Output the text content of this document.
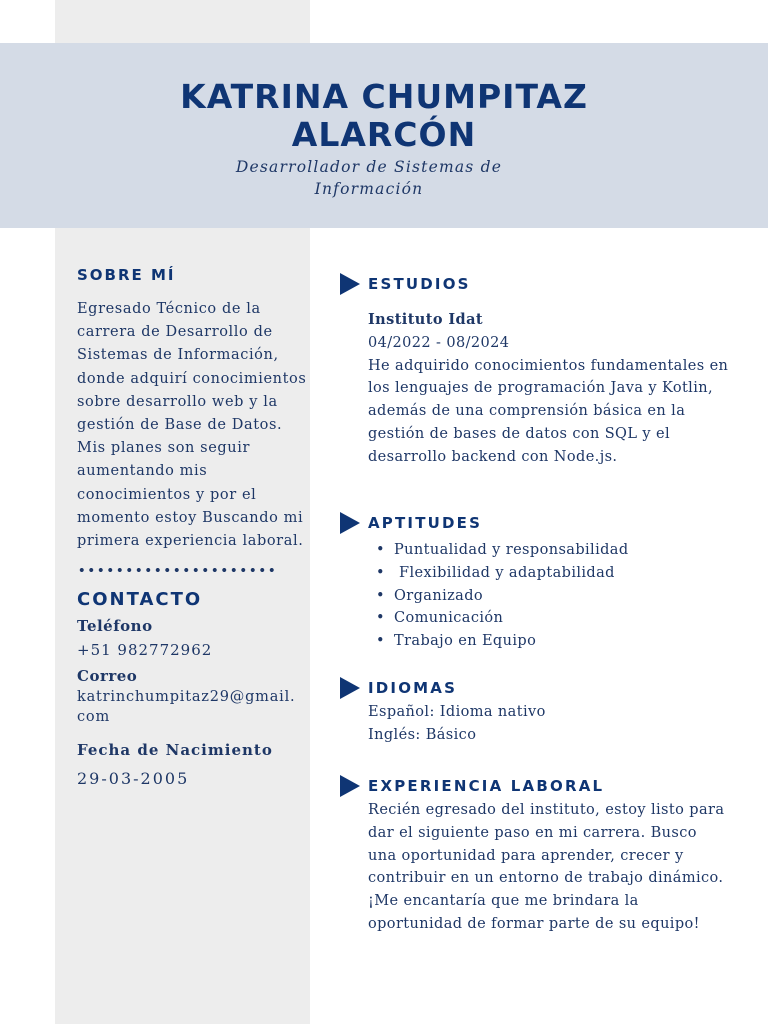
KATRINA CHUMPITAZ
ALARCÓN
Desarrollador de Sistemas de
Información
SOBRE MÍ
Egresado Técnico de la carrera de Desarrollo de Sistemas de Información, donde adquirí conocimientos sobre desarrollo web y la gestión de Base de Datos. Mis planes son seguir aumentando mis conocimientos y por el momento estoy Buscando mi primera experiencia laboral.
CONTACTO
Teléfono
+51 982772962
Correo
katrinchumpitaz29@gmail.
com
Fecha de Nacimiento
29-03-2005
ESTUDIOS
Instituto Idat
04/2022 - 08/2024
He adquirido conocimientos fundamentales en los lenguajes de programación Java y Kotlin, además de una comprensión básica en la gestión de bases de datos con SQL y el desarrollo backend con Node.js.
APTITUDES
• Puntualidad y responsabilidad
•  Flexibilidad y adaptabilidad
• Organizado
• Comunicación
• Trabajo en Equipo
IDIOMAS
Español: Idioma nativo
Inglés: Básico
EXPERIENCIA LABORAL
Recién egresado del instituto, estoy listo para dar el siguiente paso en mi carrera. Busco una oportunidad para aprender, crecer y contribuir en un entorno de trabajo dinámico. ¡Me encantaría que me brindara la oportunidad de formar parte de su equipo!
